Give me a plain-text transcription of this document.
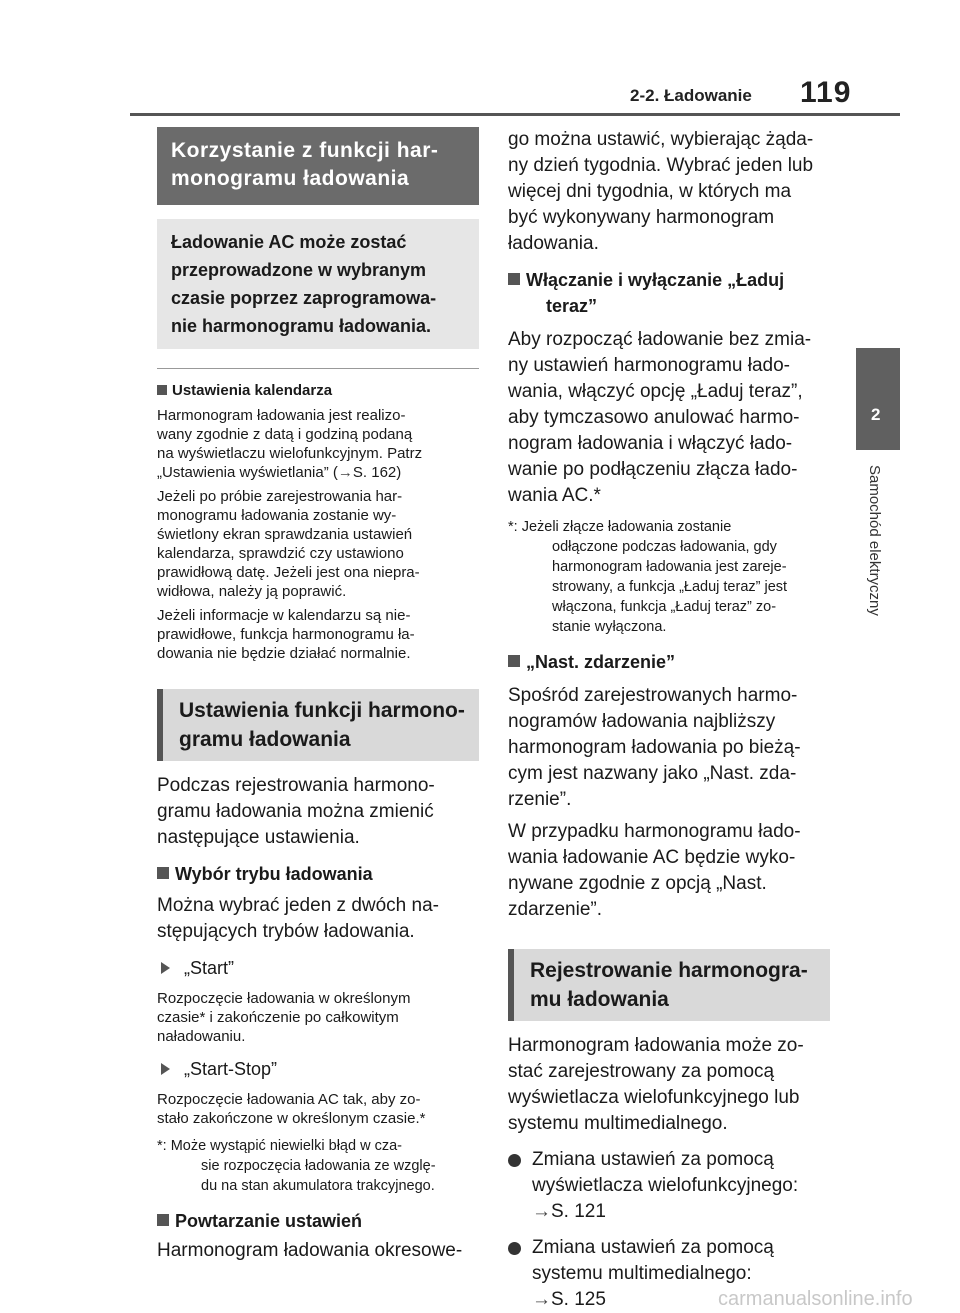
2-2. Ładowanie 119
2
Samochód elektryczny
Korzystanie z funkcji har-
monogramu ładowania
Ładowanie AC może zostać
przeprowadzone w wybranym
czasie poprzez zaprogramowa-
nie harmonogramu ładowania.
Ustawienia kalendarza
Harmonogram ładowania jest realizo-
wany zgodnie z datą i godziną podaną
na wyświetlaczu wielofunkcyjnym. Patrz
„Ustawienia wyświetlania” (→S. 162)
Jeżeli po próbie zarejestrowania har-
monogramu ładowania zostanie wy-
świetlony ekran sprawdzania ustawień
kalendarza, sprawdzić czy ustawiono
prawidłową datę. Jeżeli jest ona niepra-
widłowa, należy ją poprawić.
Jeżeli informacje w kalendarzu są nie-
prawidłowe, funkcja harmonogramu ła-
dowania nie będzie działać normalnie.
Ustawienia funkcji harmono-
gramu ładowania
Podczas rejestrowania harmono-
gramu ładowania można zmienić
następujące ustawienia.
Wybór trybu ładowania
Można wybrać jeden z dwóch na-
stępujących trybów ładowania.
„Start”
Rozpoczęcie ładowania w określonym
czasie* i zakończenie po całkowitym
naładowaniu.
„Start-Stop”
Rozpoczęcie ładowania AC tak, aby zo-
stało zakończone w określonym czasie.*
*: Może wystąpić niewielki błąd w cza-
sie rozpoczęcia ładowania ze wzglę-
du na stan akumulatora trakcyjnego.
Powtarzanie ustawień
Harmonogram ładowania okresowe-
go można ustawić, wybierając żąda-
ny dzień tygodnia. Wybrać jeden lub
więcej dni tygodnia, w których ma
być wykonywany harmonogram
ładowania.
Włączanie i wyłączanie „Ładuj
teraz”
Aby rozpocząć ładowanie bez zmia-
ny ustawień harmonogramu łado-
wania, włączyć opcję „Ładuj teraz”,
aby tymczasowo anulować harmo-
nogram ładowania i włączyć łado-
wanie po podłączeniu złącza łado-
wania AC.*
*: Jeżeli złącze ładowania zostanie
odłączone podczas ładowania, gdy
harmonogram ładowania jest zareje-
strowany, a funkcja „Ładuj teraz” jest
włączona, funkcja „Ładuj teraz” zo-
stanie wyłączona.
„Nast. zdarzenie”
Spośród zarejestrowanych harmo-
nogramów ładowania najbliższy
harmonogram ładowania po bieżą-
cym jest nazwany jako „Nast. zda-
rzenie”.
W przypadku harmonogramu łado-
wania ładowanie AC będzie wyko-
nywane zgodnie z opcją „Nast.
zdarzenie”.
Rejestrowanie harmonogra-
mu ładowania
Harmonogram ładowania może zo-
stać zarejestrowany za pomocą
wyświetlacza wielofunkcyjnego lub
systemu multimedialnego.
Zmiana ustawień za pomocą
wyświetlacza wielofunkcyjnego:
→S. 121
Zmiana ustawień za pomocą
systemu multimedialnego:
→S. 125	carmanualsonline.info
